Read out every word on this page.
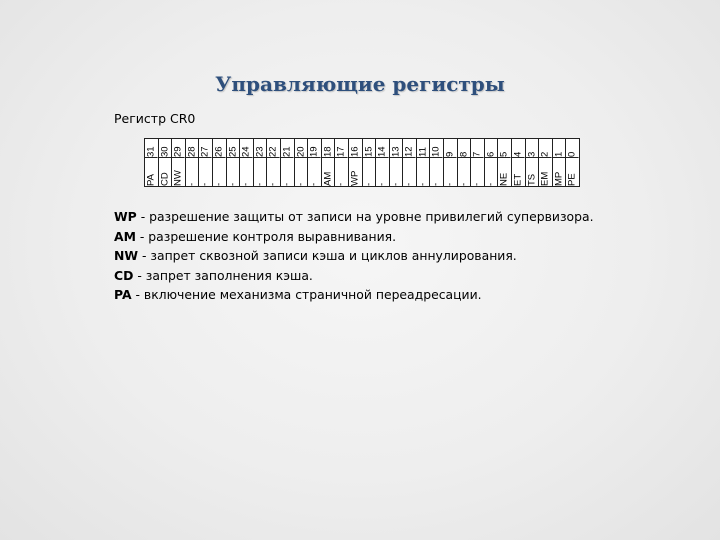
Управляющие регистры
Регистр CR0
31
PA
30
CD
29
NW
28
-
27
-
26
-
25
-
24
-
23
-
22
-
21
-
20
-
19
-
18
AM
17
-
16
WP
15
-
14
-
13
-
12
-
11
-
10
-
9
-
8
-
7
-
6
-
5
NE
4
ET
3
TS
2
EM
1
MP
0
PE
WP - разрешение защиты от записи на уровне привилегий супервизора.
AM - разрешение контроля выравнивания.
NW - запрет сквозной записи кэша и циклов аннулирования.
CD - запрет заполнения кэша.
PA - включение механизма страничной переадресации.
